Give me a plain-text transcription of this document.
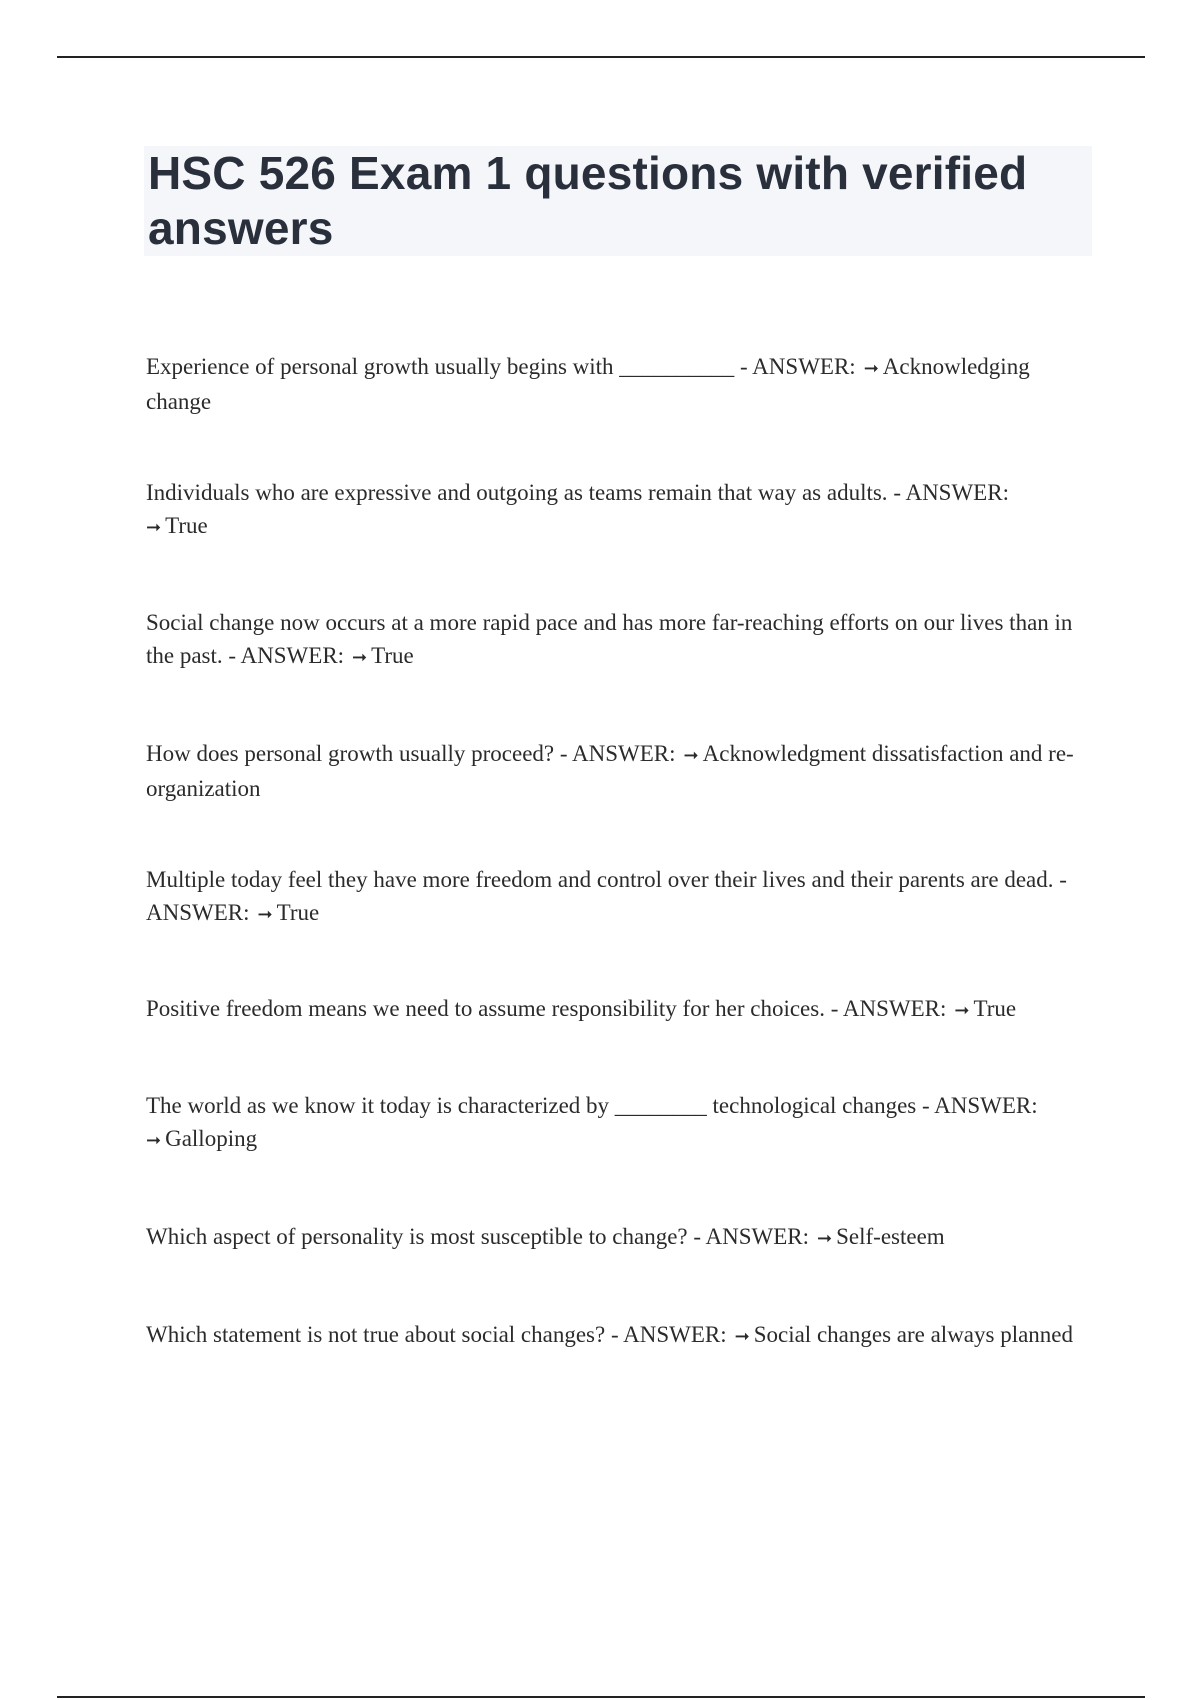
HSC 526 Exam 1 questions with verified answers

Experience of personal growth usually begins with __________ - ANSWER: ➞ Acknowledging change

Individuals who are expressive and outgoing as teams remain that way as adults. - ANSWER:
➞ True

Social change now occurs at a more rapid pace and has more far-reaching efforts on our lives than in the past. - ANSWER: ➞ True

How does personal growth usually proceed? - ANSWER: ➞ Acknowledgment dissatisfaction and re-organization

Multiple today feel they have more freedom and control over their lives and their parents are dead. - ANSWER: ➞ True

Positive freedom means we need to assume responsibility for her choices. - ANSWER: ➞ True

The world as we know it today is characterized by ________ technological changes - ANSWER:
➞ Galloping

Which aspect of personality is most susceptible to change? - ANSWER: ➞ Self-esteem

Which statement is not true about social changes? - ANSWER: ➞ Social changes are always planned
